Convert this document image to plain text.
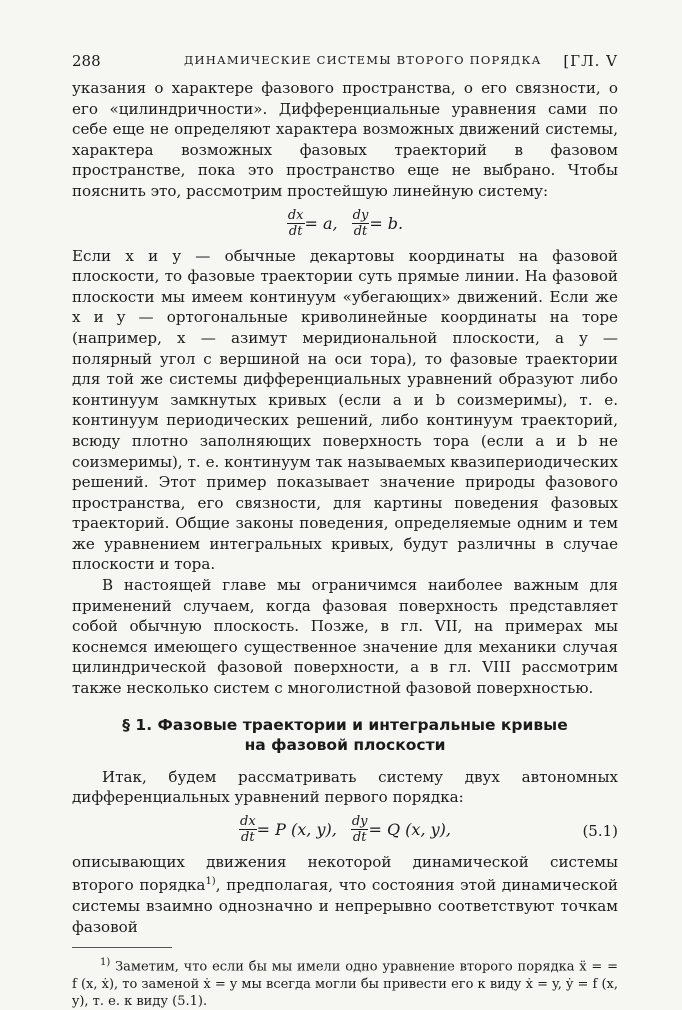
288	ДИНАМИЧЕСКИЕ СИСТЕМЫ ВТОРОГО ПОРЯДКА [ГЛ. V

указания о характере фазового пространства, о его связности, о его «цилиндричности». Дифференциальные уравнения сами по себе еще не определяют характера возможных движений системы, характера возможных фазовых траекторий в фазовом пространстве, пока это пространство еще не выбрано. Чтобы пояснить это, рассмотрим простейшую линейную систему:

$\frac{dx}{dt} = a$, $\frac{dy}{dt} = b$.

Если x и y — обычные декартовы координаты на фазовой плоскости, то фазовые траектории суть прямые линии. На фазовой плоскости мы имеем континуум «убегающих» движений. Если же x и y — ортогональные криволинейные координаты на торе (например, x — азимут меридиональной плоскости, а y — полярный угол с вершиной на оси тора), то фазовые траектории для той же системы дифференциальных уравнений образуют либо континуум замкнутых кривых (если a и b соизмеримы), т. е. континуум периодических решений, либо континуум траекторий, всюду плотно заполняющих поверхность тора (если a и b не соизмеримы), т. е. континуум так называемых квазипериодических решений. Этот пример показывает значение природы фазового пространства, его связности, для картины поведения фазовых траекторий. Общие законы поведения, определяемые одним и тем же уравнением интегральных кривых, будут различны в случае плоскости и тора.

В настоящей главе мы ограничимся наиболее важным для применений случаем, когда фазовая поверхность представляет собой обычную плоскость. Позже, в гл. VII, на примерах мы коснемся имеющего существенное значение для механики случая цилиндрической фазовой поверхности, а в гл. VIII рассмотрим также несколько систем с многолистной фазовой поверхностью.

§ 1. Фазовые траектории и интегральные кривые
на фазовой плоскости

Итак, будем рассматривать систему двух автономных дифференциальных уравнений первого порядка:

$\frac{dx}{dt} = P$ (x, y), $\frac{dy}{dt} = Q$ (x, y),	(5.1)

описывающих движения некоторой динамической системы второго порядка$^{1)}$, предполагая, что состояния этой динамической системы взаимно однозначно и непрерывно соответствуют точкам фазовой

$^{1)}$ Заметим, что если бы мы имели одно уравнение второго порядка ẍ = = f (x, ẋ), то заменой ẋ = y мы всегда могли бы привести его к виду ẋ = y, ẏ = f (x, y), т. е. к виду (5.1).
